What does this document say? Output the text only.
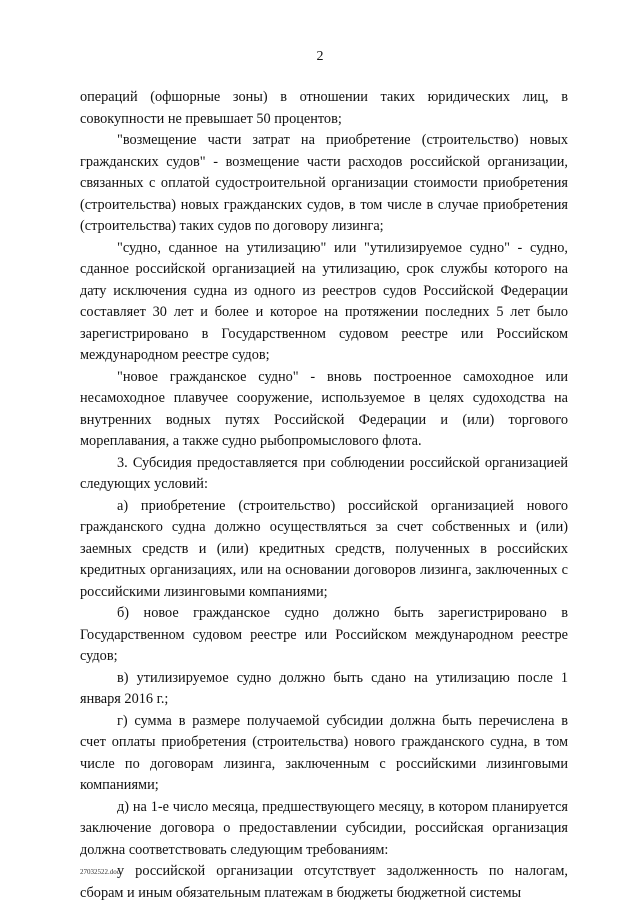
2

операций (офшорные зоны) в отношении таких юридических лиц, в совокупности не превышает 50 процентов;

"возмещение части затрат на приобретение (строительство) новых гражданских судов" - возмещение части расходов российской организации, связанных с оплатой судостроительной организации стоимости приобретения (строительства) новых гражданских судов, в том числе в случае приобретения (строительства) таких судов по договору лизинга;

"судно, сданное на утилизацию" или "утилизируемое судно" - судно, сданное российской организацией на утилизацию, срок службы которого на дату исключения судна из одного из реестров судов Российской Федерации составляет 30 лет и более и которое на протяжении последних 5 лет было зарегистрировано в Государственном судовом реестре или Российском международном реестре судов;

"новое гражданское судно" - вновь построенное самоходное или несамоходное плавучее сооружение, используемое в целях судоходства на внутренних водных путях Российской Федерации и (или) торгового мореплавания, а также судно рыбопромыслового флота.

3. Субсидия предоставляется при соблюдении российской организацией следующих условий:

а) приобретение (строительство) российской организацией нового гражданского судна должно осуществляться за счет собственных и (или) заемных средств и (или) кредитных средств, полученных в российских кредитных организациях, или на основании договоров лизинга, заключенных с российскими лизинговыми компаниями;

б) новое гражданское судно должно быть зарегистрировано в Государственном судовом реестре или Российском международном реестре судов;

в) утилизируемое судно должно быть сдано на утилизацию после 1 января 2016 г.;

г) сумма в размере получаемой субсидии должна быть перечислена в счет оплаты приобретения (строительства) нового гражданского судна, в том числе по договорам лизинга, заключенным с российскими лизинговыми компаниями;

д) на 1-е число месяца, предшествующего месяцу, в котором планируется заключение договора о предоставлении субсидии, российская организация должна соответствовать следующим требованиям:

у российской организации отсутствует задолженность по налогам, сборам и иным обязательным платежам в бюджеты бюджетной системы

27032522.doc
